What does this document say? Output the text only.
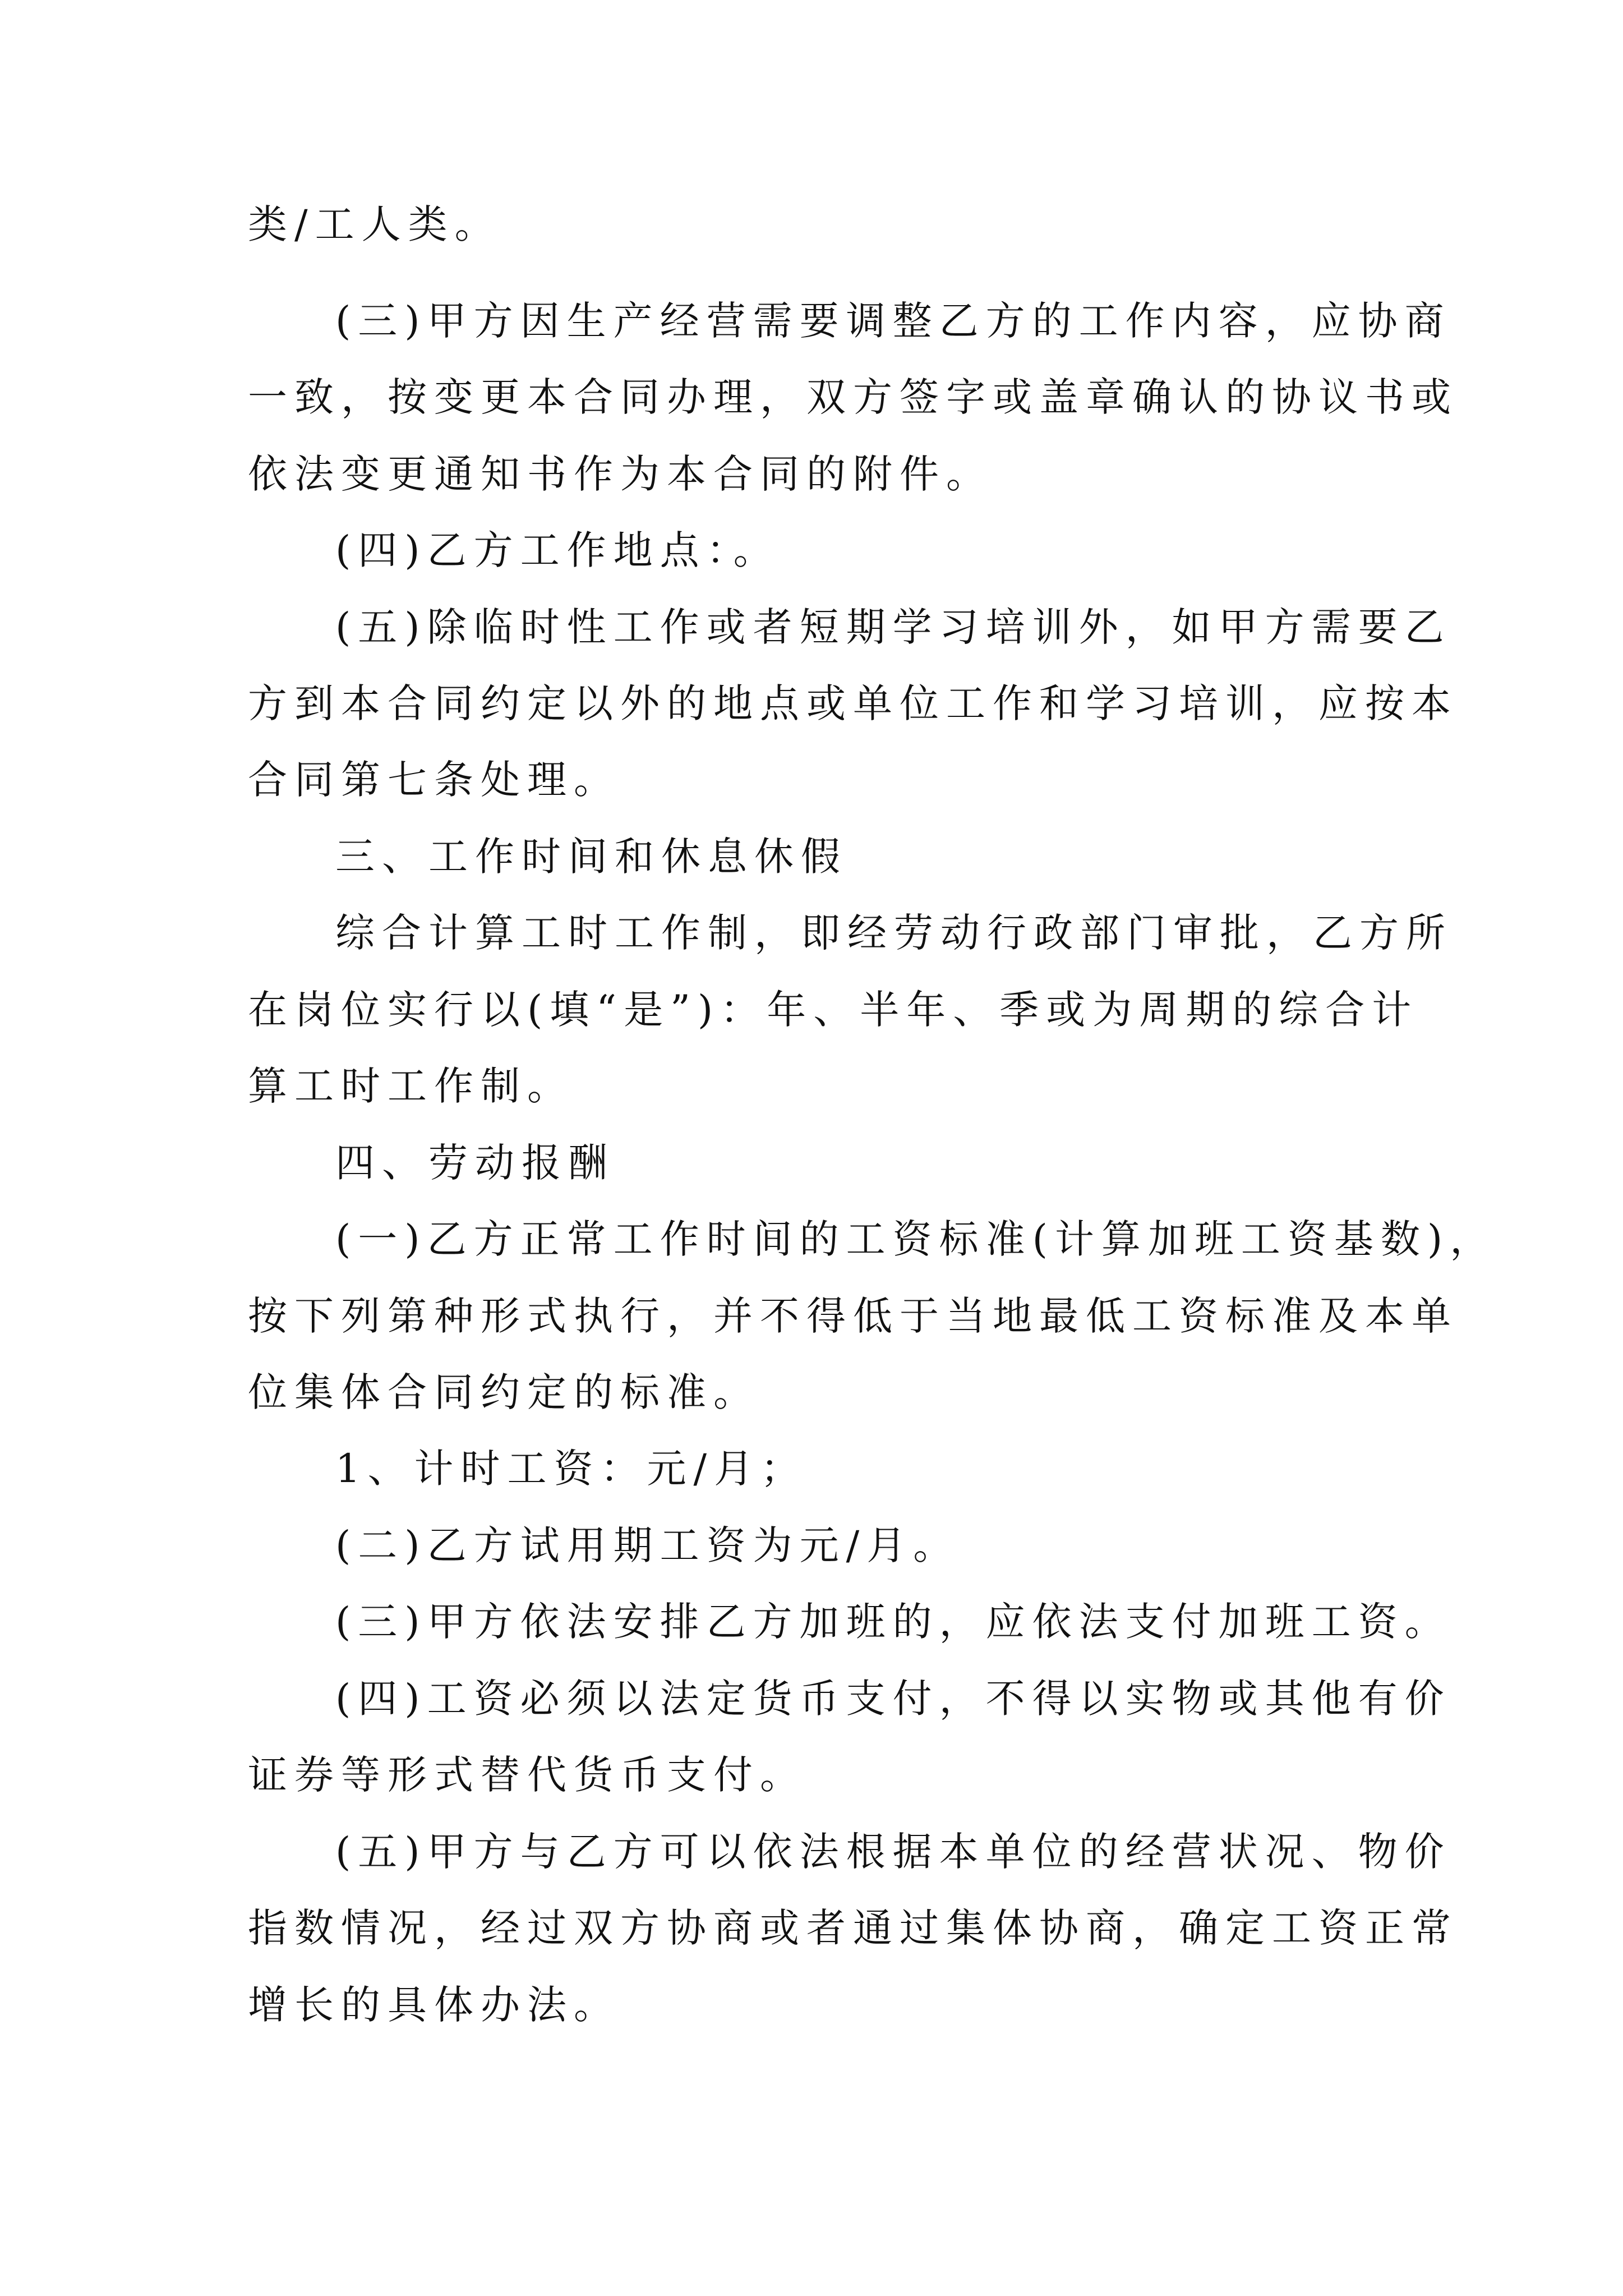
类/工人类。

(三)甲方因生产经营需要调整乙方的工作内容，应协商

一致，按变更本合同办理，双方签字或盖章确认的协议书或

依法变更通知书作为本合同的附件。

(四)乙方工作地点：。

(五)除临时性工作或者短期学习培训外，如甲方需要乙

方到本合同约定以外的地点或单位工作和学习培训，应按本

合同第七条处理。

三、工作时间和休息休假

综合计算工时工作制，即经劳动行政部门审批，乙方所

在岗位实行以(填“是”)：年、半年、季或为周期的综合计

算工时工作制。

四、劳动报酬

(一)乙方正常工作时间的工资标准(计算加班工资基数)，

按下列第种形式执行，并不得低于当地最低工资标准及本单

位集体合同约定的标准。

1、计时工资：元/月；

(二)乙方试用期工资为元/月。

(三)甲方依法安排乙方加班的，应依法支付加班工资。

(四)工资必须以法定货币支付，不得以实物或其他有价

证券等形式替代货币支付。

(五)甲方与乙方可以依法根据本单位的经营状况、物价

指数情况，经过双方协商或者通过集体协商，确定工资正常

增长的具体办法。
